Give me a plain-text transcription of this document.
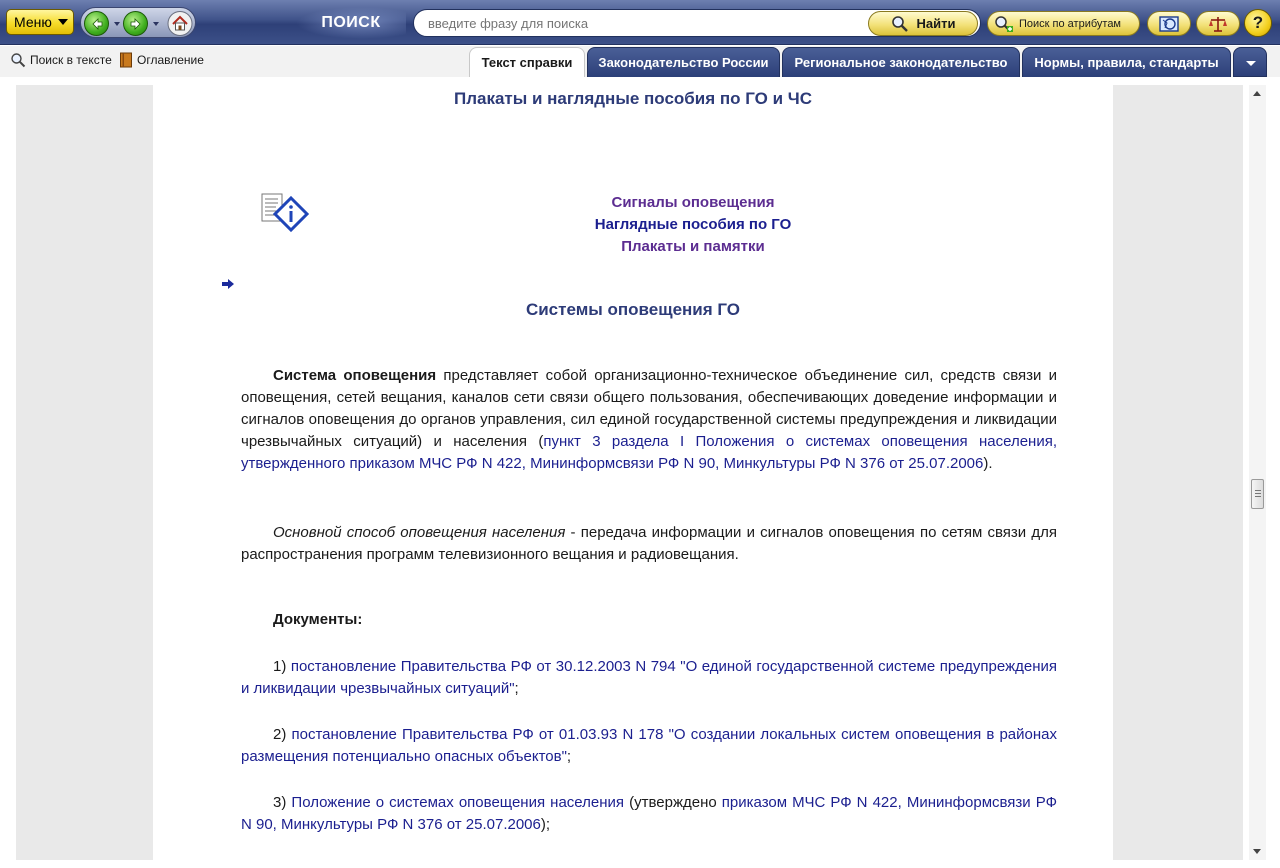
Меню	ПОИСК
введите фразу для поиска	Найти	Поиск по атрибутам	?
Поиск в тексте Оглавление	Текст справки Законодательство России Региональное законодательство Нормы, правила, стандарты
Плакаты и наглядные пособия по ГО и ЧС
Сигналы оповещения
Наглядные пособия по ГО
Плакаты и памятки
Системы оповещения ГО
Система оповещения представляет собой организационно-техническое объединение сил, средств связи и оповещения, сетей вещания, каналов сети связи общего пользования, обеспечивающих доведение информации и сигналов оповещения до органов управления, сил единой государственной системы предупреждения и ликвидации чрезвычайных ситуаций) и населения (пункт 3 раздела I Положения о системах оповещения населения, утвержденного приказом МЧС РФ N 422, Мининформсвязи РФ N 90, Минкультуры РФ N 376 от 25.07.2006).
Основной способ оповещения населения - передача информации и сигналов оповещения по сетям связи для распространения программ телевизионного вещания и радиовещания.
Документы:
1) постановление Правительства РФ от 30.12.2003 N 794 "О единой государственной системе предупреждения и ликвидации чрезвычайных ситуаций";
2) постановление Правительства РФ от 01.03.93 N 178 "О создании локальных систем оповещения в районах размещения потенциально опасных объектов";
3) Положение о системах оповещения населения (утверждено приказом МЧС РФ N 422, Мининформсвязи РФ N 90, Минкультуры РФ N 376 от 25.07.2006);
